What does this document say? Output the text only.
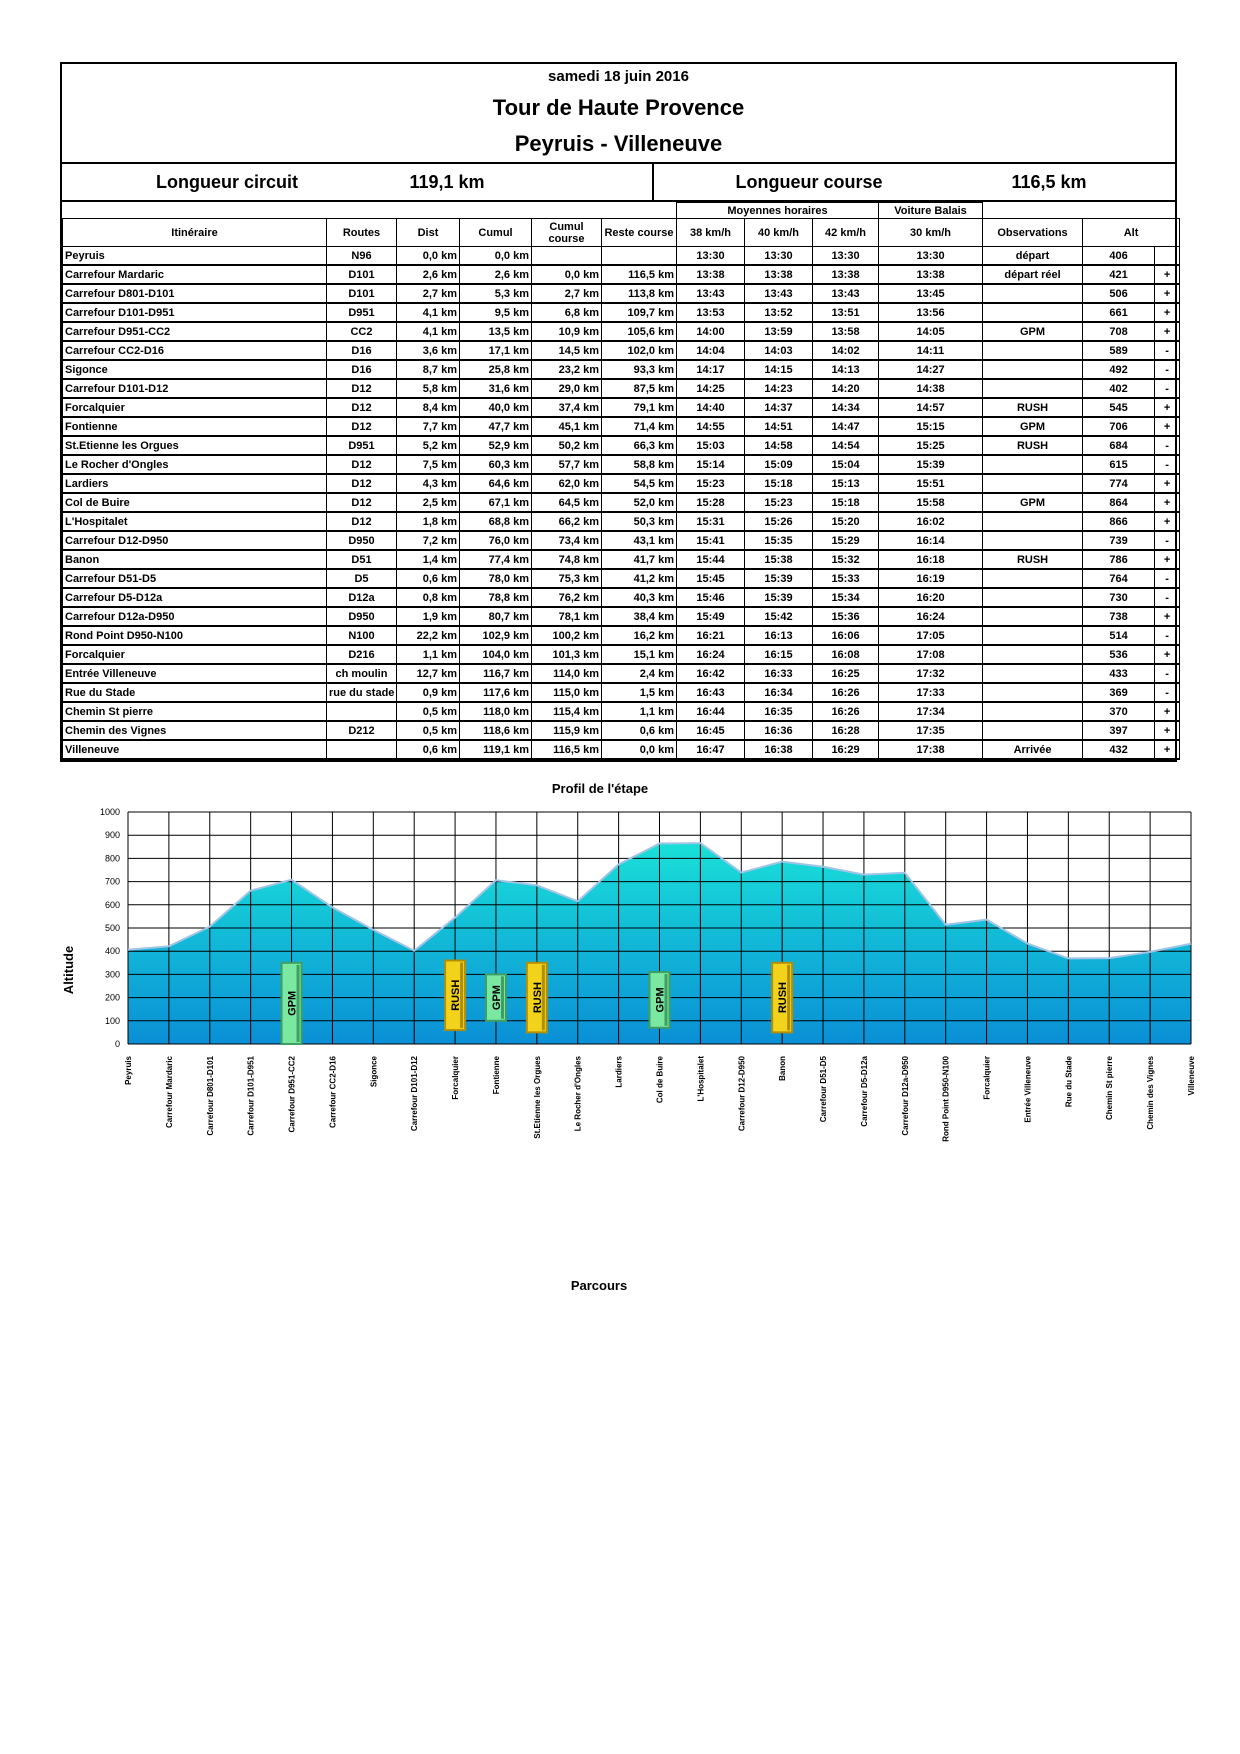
samedi 18 juin 2016
Tour de Haute Provence
Peyruis - Villeneuve
Longueur circuit	119,1 km	Longueur course	116,5 km
						Moyennes horaires			Voiture Balais			
Itinéraire	Routes	Dist	Cumul	Cumul course	Reste course	38 km/h	40 km/h	42 km/h	30 km/h	Observations	Alt	
Peyruis	N96	0,0 km	0,0 km			13:30	13:30	13:30	13:30	départ	406	
Carrefour Mardaric	D101	2,6 km	2,6 km	0,0 km	116,5 km	13:38	13:38	13:38	13:38	départ réel	421	+
Carrefour D801-D101	D101	2,7 km	5,3 km	2,7 km	113,8 km	13:43	13:43	13:43	13:45		506	+
Carrefour D101-D951	D951	4,1 km	9,5 km	6,8 km	109,7 km	13:53	13:52	13:51	13:56		661	+
Carrefour D951-CC2	CC2	4,1 km	13,5 km	10,9 km	105,6 km	14:00	13:59	13:58	14:05	GPM	708	+
Carrefour CC2-D16	D16	3,6 km	17,1 km	14,5 km	102,0 km	14:04	14:03	14:02	14:11		589	-
Sigonce	D16	8,7 km	25,8 km	23,2 km	93,3 km	14:17	14:15	14:13	14:27		492	-
Carrefour D101-D12	D12	5,8 km	31,6 km	29,0 km	87,5 km	14:25	14:23	14:20	14:38		402	-
Forcalquier	D12	8,4 km	40,0 km	37,4 km	79,1 km	14:40	14:37	14:34	14:57	RUSH	545	+
Fontienne	D12	7,7 km	47,7 km	45,1 km	71,4 km	14:55	14:51	14:47	15:15	GPM	706	+
St.Etienne les Orgues	D951	5,2 km	52,9 km	50,2 km	66,3 km	15:03	14:58	14:54	15:25	RUSH	684	-
Le Rocher d'Ongles	D12	7,5 km	60,3 km	57,7 km	58,8 km	15:14	15:09	15:04	15:39		615	-
Lardiers	D12	4,3 km	64,6 km	62,0 km	54,5 km	15:23	15:18	15:13	15:51		774	+
Col de Buire	D12	2,5 km	67,1 km	64,5 km	52,0 km	15:28	15:23	15:18	15:58	GPM	864	+
L'Hospitalet	D12	1,8 km	68,8 km	66,2 km	50,3 km	15:31	15:26	15:20	16:02		866	+
Carrefour D12-D950	D950	7,2 km	76,0 km	73,4 km	43,1 km	15:41	15:35	15:29	16:14		739	-
Banon	D51	1,4 km	77,4 km	74,8 km	41,7 km	15:44	15:38	15:32	16:18	RUSH	786	+
Carrefour D51-D5	D5	0,6 km	78,0 km	75,3 km	41,2 km	15:45	15:39	15:33	16:19		764	-
Carrefour D5-D12a	D12a	0,8 km	78,8 km	76,2 km	40,3 km	15:46	15:39	15:34	16:20		730	-
Carrefour D12a-D950	D950	1,9 km	80,7 km	78,1 km	38,4 km	15:49	15:42	15:36	16:24		738	+
Rond Point D950-N100	N100	22,2 km	102,9 km	100,2 km	16,2 km	16:21	16:13	16:06	17:05		514	-
Forcalquier	D216	1,1 km	104,0 km	101,3 km	15,1 km	16:24	16:15	16:08	17:08		536	+
Entrée Villeneuve	ch moulin	12,7 km	116,7 km	114,0 km	2,4 km	16:42	16:33	16:25	17:32		433	-
Rue du Stade	rue du stade	0,9 km	117,6 km	115,0 km	1,5 km	16:43	16:34	16:26	17:33		369	-
Chemin St pierre		0,5 km	118,0 km	115,4 km	1,1 km	16:44	16:35	16:26	17:34		370	+
Chemin des Vignes	D212	0,5 km	118,6 km	115,9 km	0,6 km	16:45	16:36	16:28	17:35		397	+
Villeneuve		0,6 km	119,1 km	116,5 km	0,0 km	16:47	16:38	16:29	17:38	Arrivée	432	+
Profil de l'étape
Altitude
Parcours
0
100
200
300
400
500
600
700
800
900
1000
Peyruis	Carrefour Mardaric	Carrefour D801-D101	Carrefour D101-D951	Carrefour D951-CC2	Carrefour CC2-D16	Sigonce	Carrefour D101-D12	Forcalquier	Fontienne	St.Etienne les Orgues	Le Rocher d'Ongles	Lardiers	Col de Buire	L'Hospitalet	Carrefour D12-D950	Banon	Carrefour D51-D5	Carrefour D5-D12a	Carrefour D12a-D950	Rond Point D950-N100	Forcalquier	Entrée Villeneuve	Rue du Stade	Chemin St pierre	Chemin des Vignes	Villeneuve
GPM	RUSH	GPM	RUSH	GPM	RUSH
